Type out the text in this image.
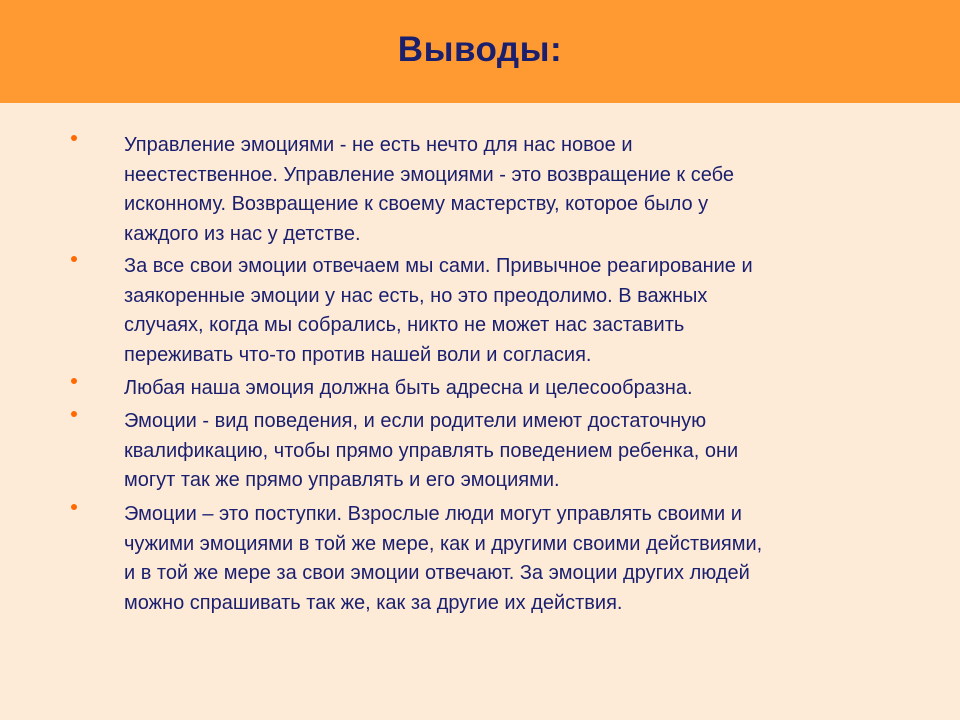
Выводы:

Управление эмоциями - не есть нечто для нас новое и
неестественное. Управление эмоциями - это возвращение к себе
исконному. Возвращение к своему мастерству, которое было у
каждого из нас у детстве.

За все свои эмоции отвечаем мы сами. Привычное реагирование и
заякоренные эмоции у нас есть, но это преодолимо. В важных
случаях, когда мы собрались, никто не может нас заставить
переживать что-то против нашей воли и согласия.

Любая наша эмоция должна быть адресна и целесообразна.

Эмоции - вид поведения, и если родители имеют достаточную
квалификацию, чтобы прямо управлять поведением ребенка, они
могут так же прямо управлять и его эмоциями.

Эмоции – это поступки. Взрослые люди могут управлять своими и
чужими эмоциями в той же мере, как и другими своими действиями,
и в той же мере за свои эмоции отвечают. За эмоции других людей
можно спрашивать так же, как за другие их действия.
